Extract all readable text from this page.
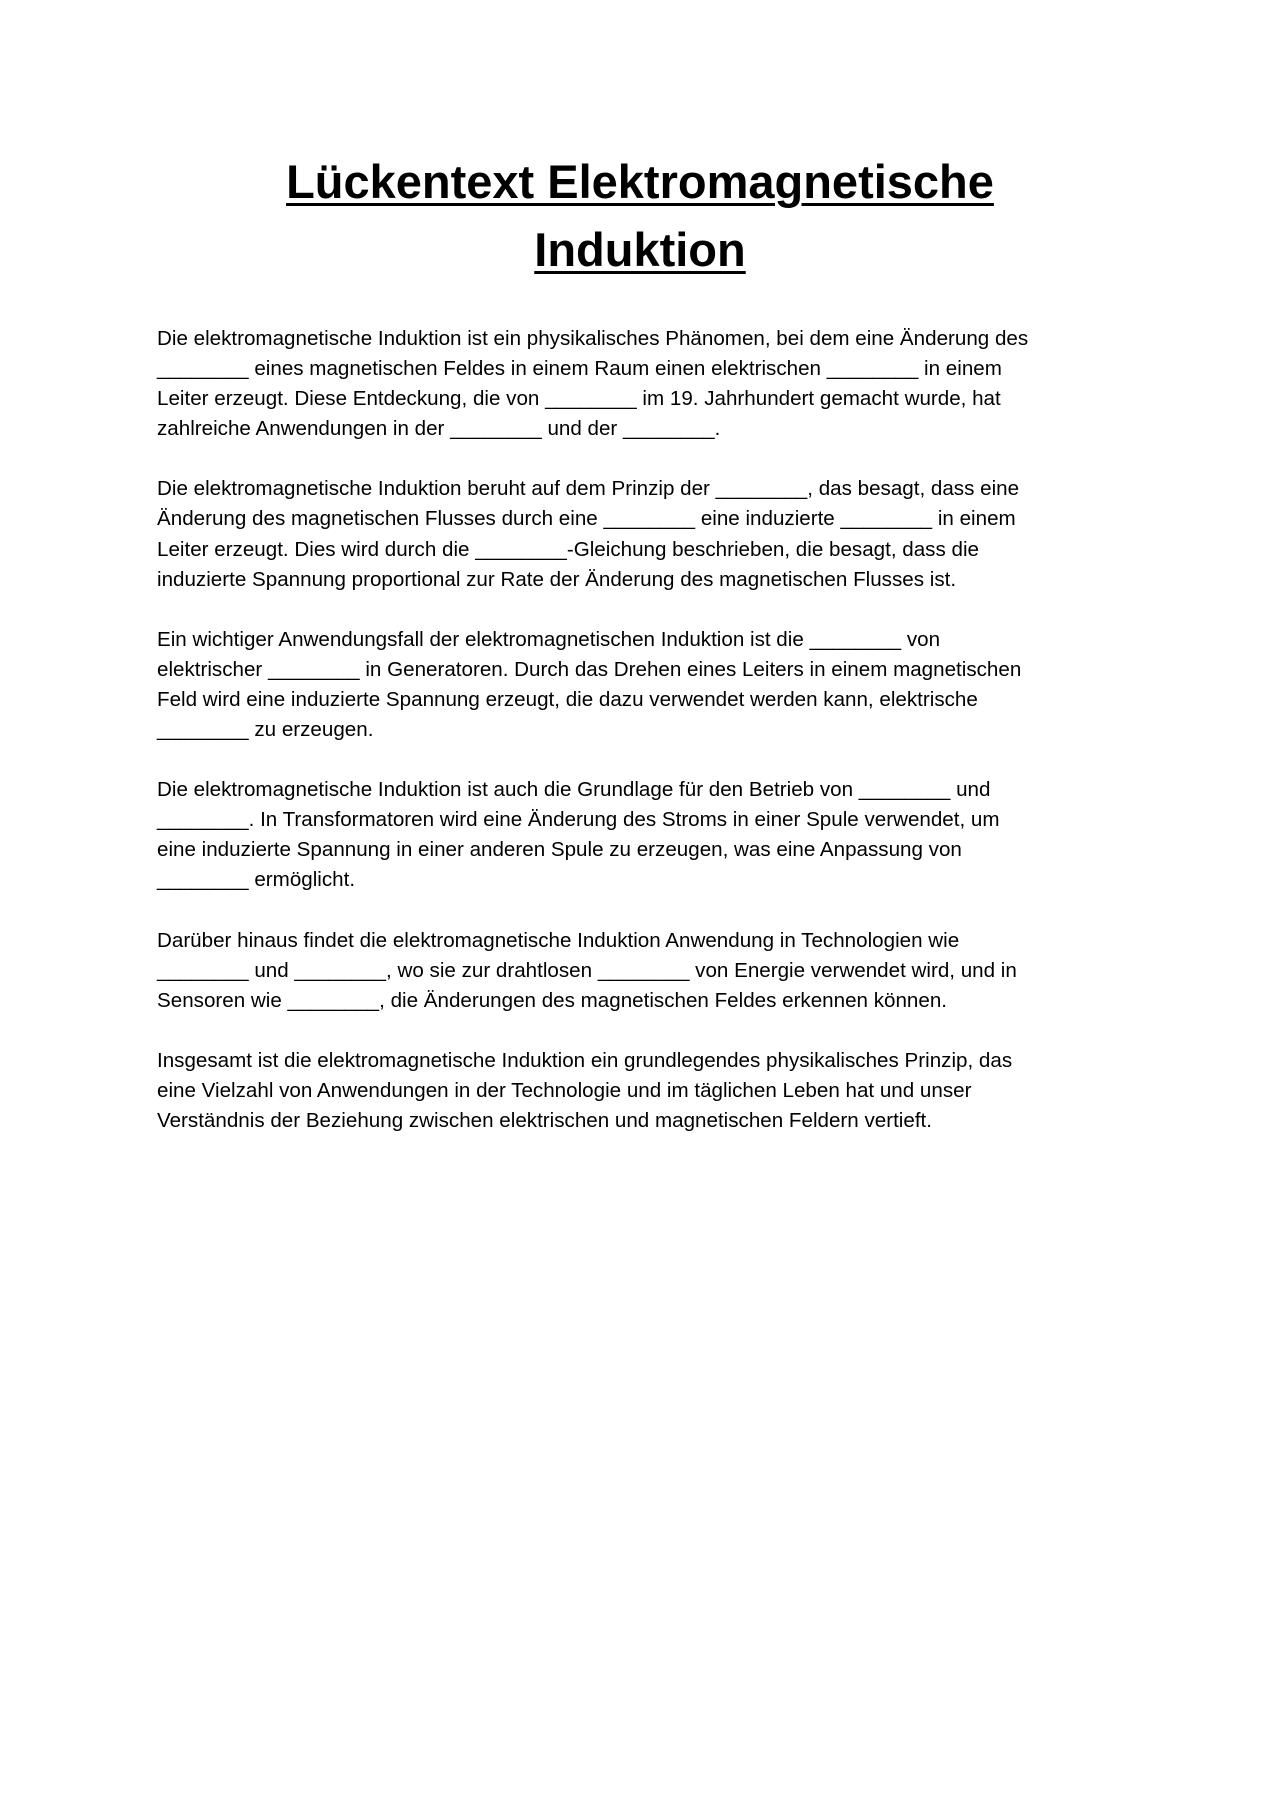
Lückentext Elektromagnetische
Induktion

Die elektromagnetische Induktion ist ein physikalisches Phänomen, bei dem eine Änderung des
________ eines magnetischen Feldes in einem Raum einen elektrischen ________ in einem
Leiter erzeugt. Diese Entdeckung, die von ________ im 19. Jahrhundert gemacht wurde, hat
zahlreiche Anwendungen in der ________ und der ________.

Die elektromagnetische Induktion beruht auf dem Prinzip der ________, das besagt, dass eine
Änderung des magnetischen Flusses durch eine ________ eine induzierte ________ in einem
Leiter erzeugt. Dies wird durch die ________-Gleichung beschrieben, die besagt, dass die
induzierte Spannung proportional zur Rate der Änderung des magnetischen Flusses ist.

Ein wichtiger Anwendungsfall der elektromagnetischen Induktion ist die ________ von
elektrischer ________ in Generatoren. Durch das Drehen eines Leiters in einem magnetischen
Feld wird eine induzierte Spannung erzeugt, die dazu verwendet werden kann, elektrische
________ zu erzeugen.

Die elektromagnetische Induktion ist auch die Grundlage für den Betrieb von ________ und
________. In Transformatoren wird eine Änderung des Stroms in einer Spule verwendet, um
eine induzierte Spannung in einer anderen Spule zu erzeugen, was eine Anpassung von
________ ermöglicht.

Darüber hinaus findet die elektromagnetische Induktion Anwendung in Technologien wie
________ und ________, wo sie zur drahtlosen ________ von Energie verwendet wird, und in
Sensoren wie ________, die Änderungen des magnetischen Feldes erkennen können.

Insgesamt ist die elektromagnetische Induktion ein grundlegendes physikalisches Prinzip, das
eine Vielzahl von Anwendungen in der Technologie und im täglichen Leben hat und unser
Verständnis der Beziehung zwischen elektrischen und magnetischen Feldern vertieft.
